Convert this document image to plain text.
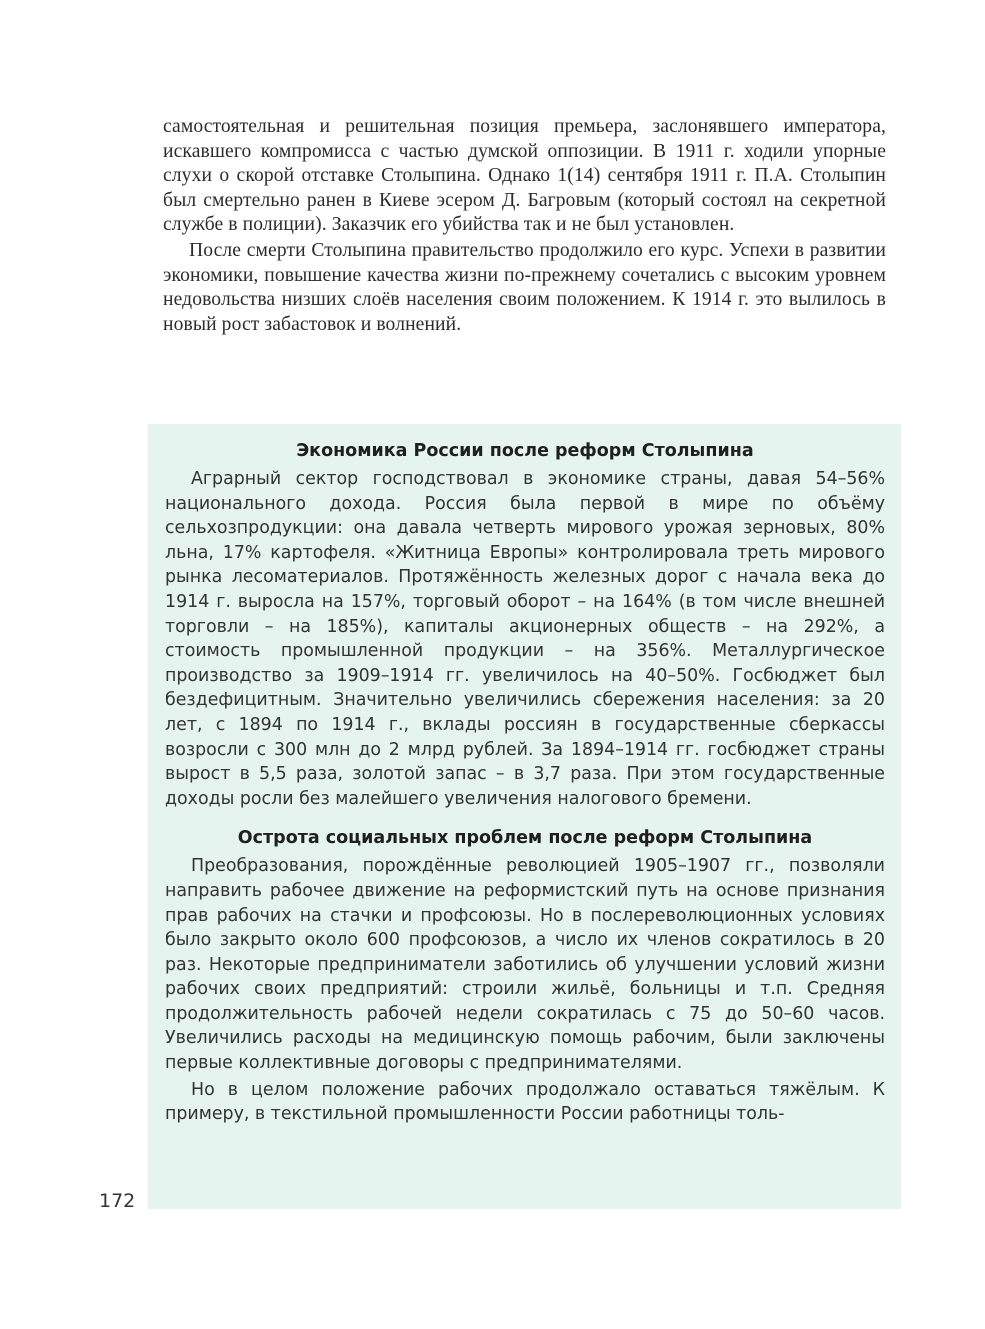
самостоятельная и решительная позиция премьера, заслонявшего императора, искавшего компромисса с частью думской оппозиции. В 1911 г. ходили упорные слухи о скорой отставке Столыпина. Однако 1(14) сентября 1911 г. П.А. Столыпин был смертельно ранен в Киеве эсером Д. Багровым (который состоял на секретной службе в полиции). Заказчик его убийства так и не был установлен.

После смерти Столыпина правительство продолжило его курс. Успехи в развитии экономики, повышение качества жизни по-прежнему сочетались с высоким уровнем недовольства низших слоёв населения своим положением. К 1914 г. это вылилось в новый рост забастовок и волнений.

Экономика России после реформ Столыпина

Аграрный сектор господствовал в экономике страны, давая 54–56% национального дохода. Россия была первой в мире по объёму сельхозпродукции: она давала четверть мирового урожая зерновых, 80% льна, 17% картофеля. «Житница Европы» контролировала треть мирового рынка лесоматериалов. Протяжённость железных дорог с начала века до 1914 г. выросла на 157%, торговый оборот – на 164% (в том числе внешней торговли – на 185%), капиталы акционерных обществ – на 292%, а стоимость промышленной продукции – на 356%. Металлургическое производство за 1909–1914 гг. увеличилось на 40–50%. Госбюджет был бездефицитным. Значительно увеличились сбережения населения: за 20 лет, с 1894 по 1914 г., вклады россиян в государственные сберкассы возросли с 300 млн до 2 млрд рублей. За 1894–1914 гг. госбюджет страны вырост в 5,5 раза, золотой запас – в 3,7 раза. При этом государственные доходы росли без малейшего увеличения налогового бремени.

Острота социальных проблем после реформ Столыпина

Преобразования, порождённые революцией 1905–1907 гг., позволяли направить рабочее движение на реформистский путь на основе признания прав рабочих на стачки и профсоюзы. Но в послереволюционных условиях было закрыто около 600 профсоюзов, а число их членов сократилось в 20 раз. Некоторые предприниматели заботились об улучшении условий жизни рабочих своих предприятий: строили жильё, больницы и т.п. Средняя продолжительность рабочей недели сократилась с 75 до 50–60 часов. Увеличились расходы на медицинскую помощь рабочим, были заключены первые коллективные договоры с предпринимателями.

Но в целом положение рабочих продолжало оставаться тяжёлым. К примеру, в текстильной промышленности России работницы толь-

172
